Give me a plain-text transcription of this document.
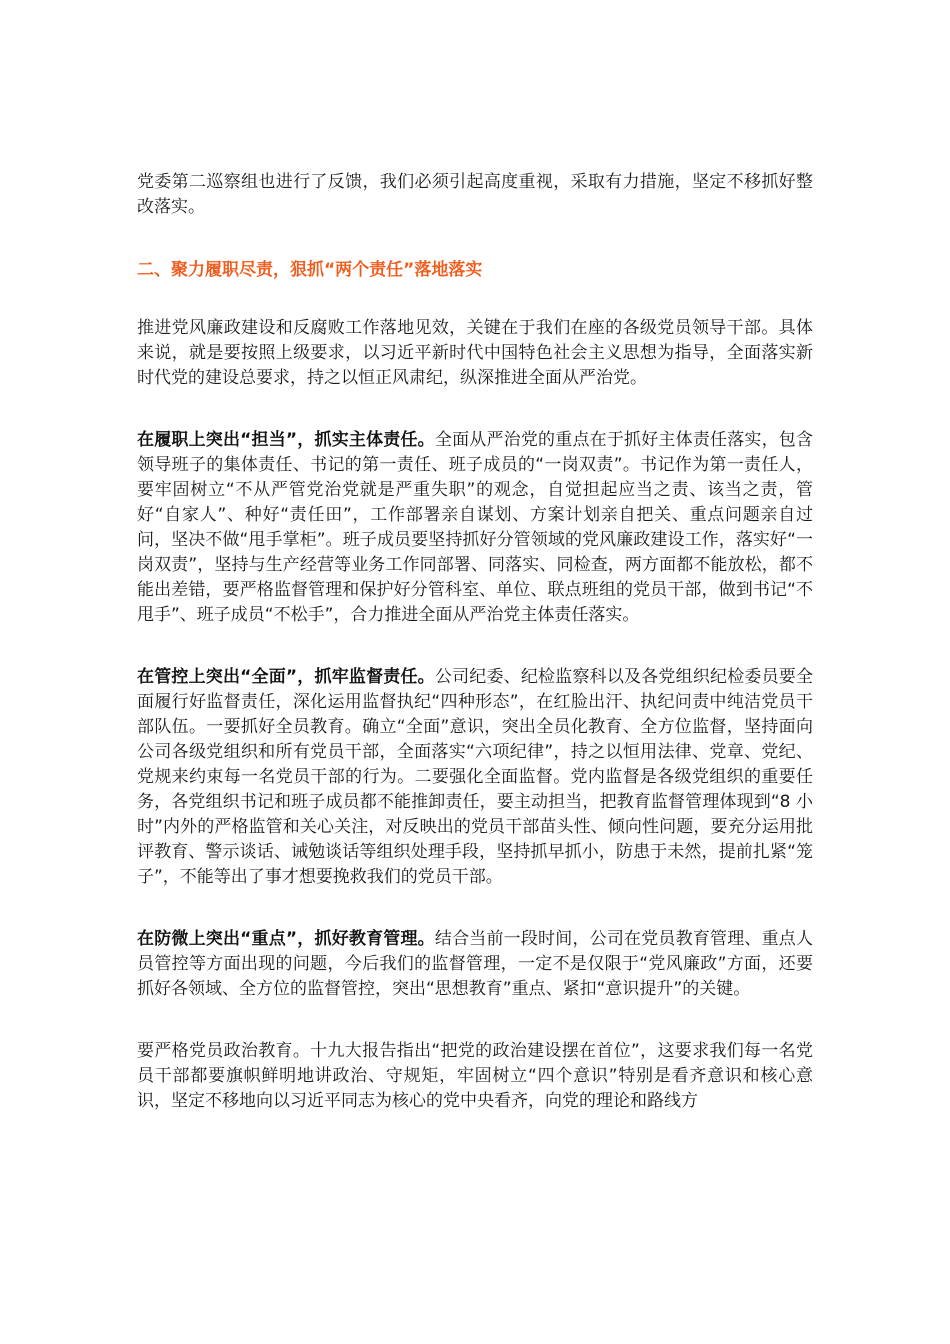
党委第二巡察组也进行了反馈，我们必须引起高度重视，采取有力措施，坚定不移抓好整改落实。

二、聚力履职尽责，狠抓“两个责任”落地落实

推进党风廉政建设和反腐败工作落地见效，关键在于我们在座的各级党员领导干部。具体来说，就是要按照上级要求，以习近平新时代中国特色社会主义思想为指导，全面落实新时代党的建设总要求，持之以恒正风肃纪，纵深推进全面从严治党。

在履职上突出“担当”，抓实主体责任。全面从严治党的重点在于抓好主体责任落实，包含领导班子的集体责任、书记的第一责任、班子成员的“一岗双责”。书记作为第一责任人，要牢固树立“不从严管党治党就是严重失职”的观念，自觉担起应当之责、该当之责，管好“自家人”、种好“责任田”，工作部署亲自谋划、方案计划亲自把关、重点问题亲自过问，坚决不做“甩手掌柜”。班子成员要坚持抓好分管领域的党风廉政建设工作，落实好“一岗双责”，坚持与生产经营等业务工作同部署、同落实、同检查，两方面都不能放松，都不能出差错，要严格监督管理和保护好分管科室、单位、联点班组的党员干部，做到书记“不甩手”、班子成员“不松手”，合力推进全面从严治党主体责任落实。

在管控上突出“全面”，抓牢监督责任。公司纪委、纪检监察科以及各党组织纪检委员要全面履行好监督责任，深化运用监督执纪“四种形态”，在红脸出汗、执纪问责中纯洁党员干部队伍。一要抓好全员教育。确立“全面”意识，突出全员化教育、全方位监督，坚持面向公司各级党组织和所有党员干部，全面落实“六项纪律”，持之以恒用法律、党章、党纪、党规来约束每一名党员干部的行为。二要强化全面监督。党内监督是各级党组织的重要任务，各党组织书记和班子成员都不能推卸责任，要主动担当，把教育监督管理体现到“8 小时”内外的严格监管和关心关注，对反映出的党员干部苗头性、倾向性问题，要充分运用批评教育、警示谈话、诫勉谈话等组织处理手段，坚持抓早抓小，防患于未然，提前扎紧“笼子”，不能等出了事才想要挽救我们的党员干部。

在防微上突出“重点”，抓好教育管理。结合当前一段时间，公司在党员教育管理、重点人员管控等方面出现的问题，今后我们的监督管理，一定不是仅限于“党风廉政”方面，还要抓好各领域、全方位的监督管控，突出“思想教育”重点、紧扣“意识提升”的关键。

要严格党员政治教育。十九大报告指出“把党的政治建设摆在首位”，这要求我们每一名党员干部都要旗帜鲜明地讲政治、守规矩，牢固树立“四个意识”特别是看齐意识和核心意识，坚定不移地向以习近平同志为核心的党中央看齐，向党的理论和路线方
